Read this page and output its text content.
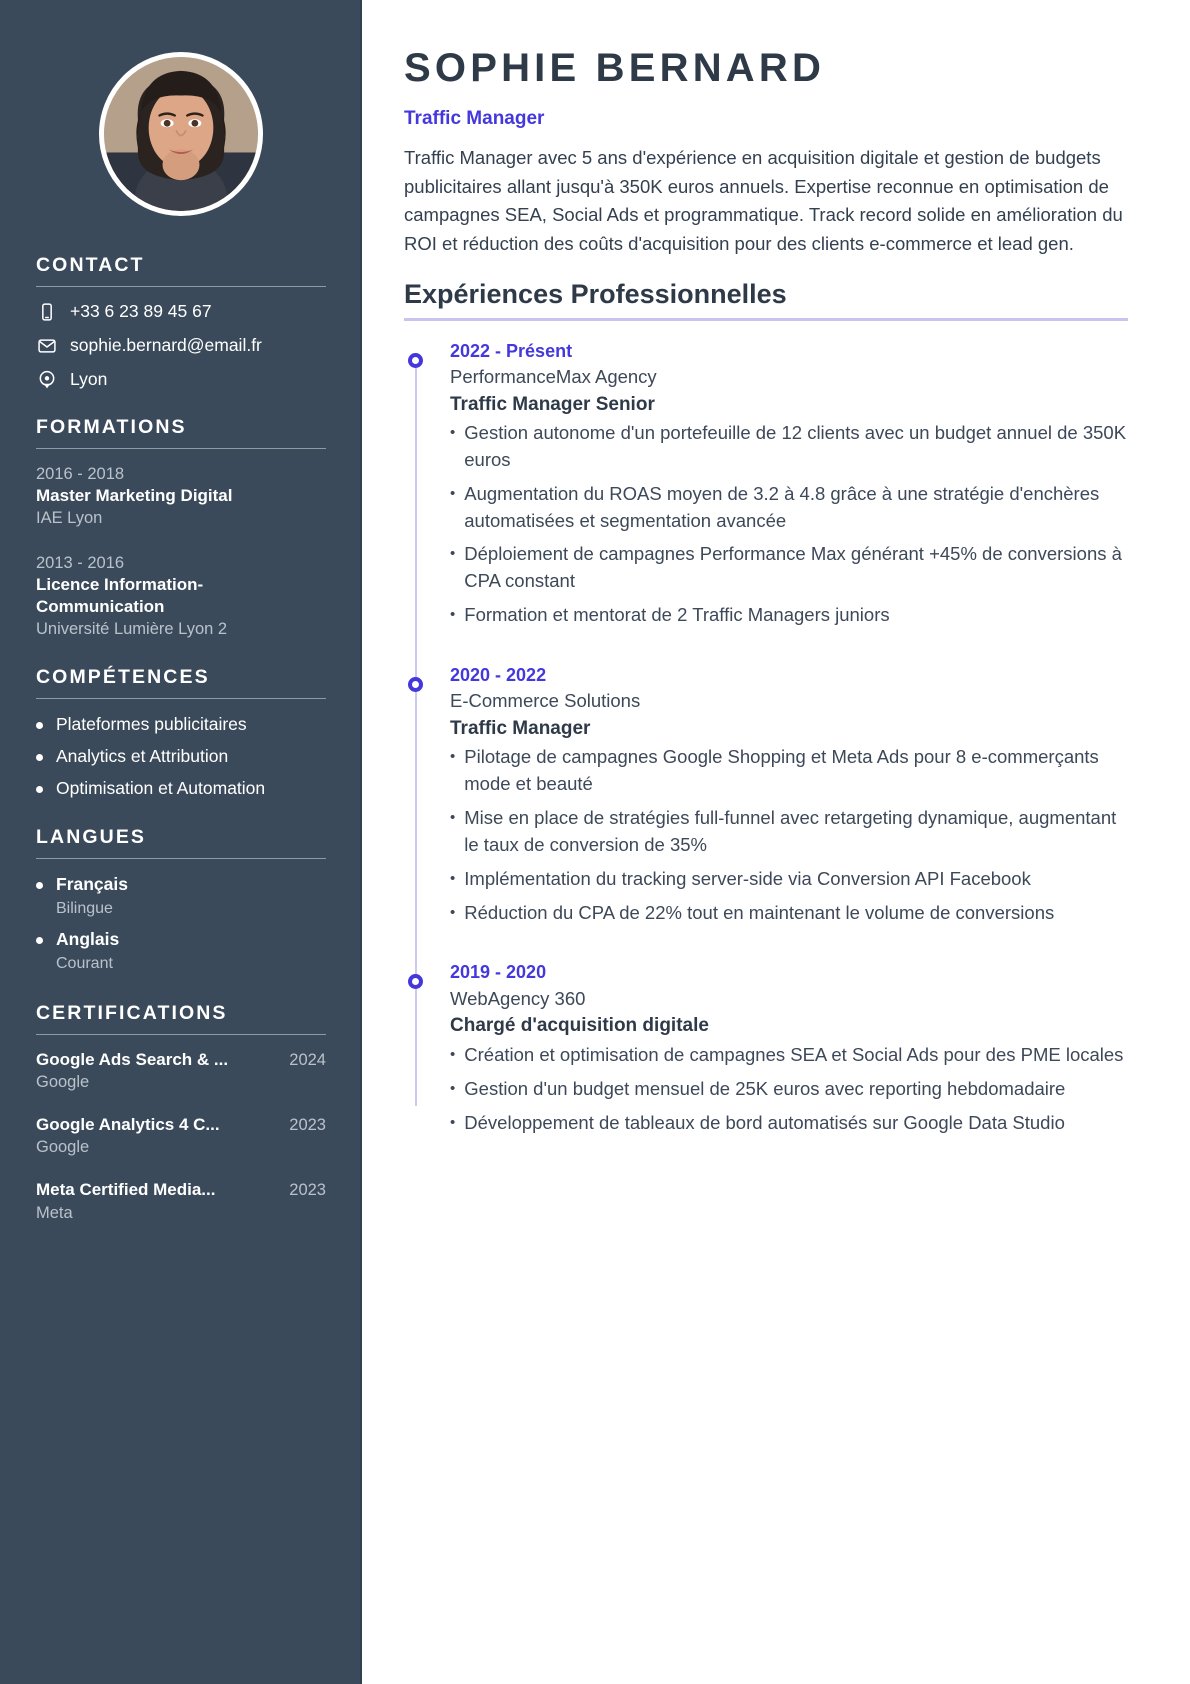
CONTACT
+33 6 23 89 45 67
sophie.bernard@email.fr
Lyon
FORMATIONS
2016 - 2018
Master Marketing Digital
IAE Lyon
2013 - 2016
Licence Information-Communication
Université Lumière Lyon 2
COMPÉTENCES
Plateformes publicitaires
Analytics et Attribution
Optimisation et Automation
LANGUES
Français
Bilingue
Anglais
Courant
CERTIFICATIONS
Google Ads Search & ...	2024
Google
Google Analytics 4 C...	2023
Google
Meta Certified Media...	2023
Meta
SOPHIE BERNARD
Traffic Manager

Traffic Manager avec 5 ans d'expérience en acquisition digitale et gestion de budgets publicitaires allant jusqu'à 350K euros annuels. Expertise reconnue en optimisation de campagnes SEA, Social Ads et programmatique. Track record solide en amélioration du ROI et réduction des coûts d'acquisition pour des clients e-commerce et lead gen.

Expériences Professionnelles
2022 - Présent
PerformanceMax Agency
Traffic Manager Senior
• Gestion autonome d'un portefeuille de 12 clients avec un budget annuel de 350K euros
• Augmentation du ROAS moyen de 3.2 à 4.8 grâce à une stratégie d'enchères automatisées et segmentation avancée
• Déploiement de campagnes Performance Max générant +45% de conversions à CPA constant
• Formation et mentorat de 2 Traffic Managers juniors
2020 - 2022
E-Commerce Solutions
Traffic Manager
• Pilotage de campagnes Google Shopping et Meta Ads pour 8 e-commerçants mode et beauté
• Mise en place de stratégies full-funnel avec retargeting dynamique, augmentant le taux de conversion de 35%
• Implémentation du tracking server-side via Conversion API Facebook
• Réduction du CPA de 22% tout en maintenant le volume de conversions
2019 - 2020
WebAgency 360
Chargé d'acquisition digitale
• Création et optimisation de campagnes SEA et Social Ads pour des PME locales
• Gestion d'un budget mensuel de 25K euros avec reporting hebdomadaire
• Développement de tableaux de bord automatisés sur Google Data Studio
